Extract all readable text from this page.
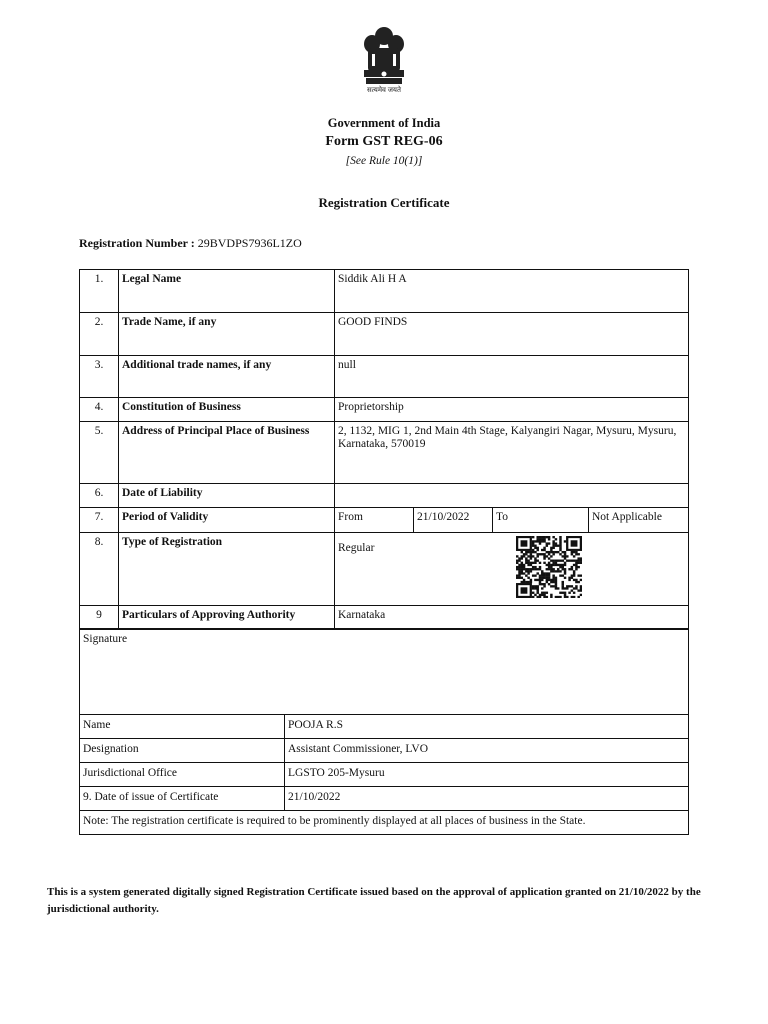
सत्यमेव जयते
Government of India
Form GST REG-06
[See Rule 10(1)]
Registration Certificate
Registration Number : 29BVDPS7936L1ZO
1.	Legal Name	Siddik Ali H A			
2.	Trade Name, if any	GOOD FINDS			
3.	Additional trade names, if any	null			
4.	Constitution of Business	Proprietorship			
5.	Address of Principal Place of Business	2, 1132, MIG 1, 2nd Main 4th Stage, Kalyangiri Nagar, Mysuru, Mysuru, Karnataka, 570019			
6.	Date of Liability				
7.	Period of Validity	From	21/10/2022	To	Not Applicable
8.	Type of Registration	Regular			

9	Particulars of Approving Authority	Karnataka			
Signature	
Name	POOJA R.S
Designation	Assistant Commissioner, LVO
Jurisdictional Office	LGSTO 205-Mysuru
9. Date of issue of Certificate	21/10/2022
Note: The registration certificate is required to be prominently displayed at all places of business in the State.	
This is a system generated digitally signed Registration Certificate issued based on the approval of application granted on 21/10/2022 by the jurisdictional authority.
